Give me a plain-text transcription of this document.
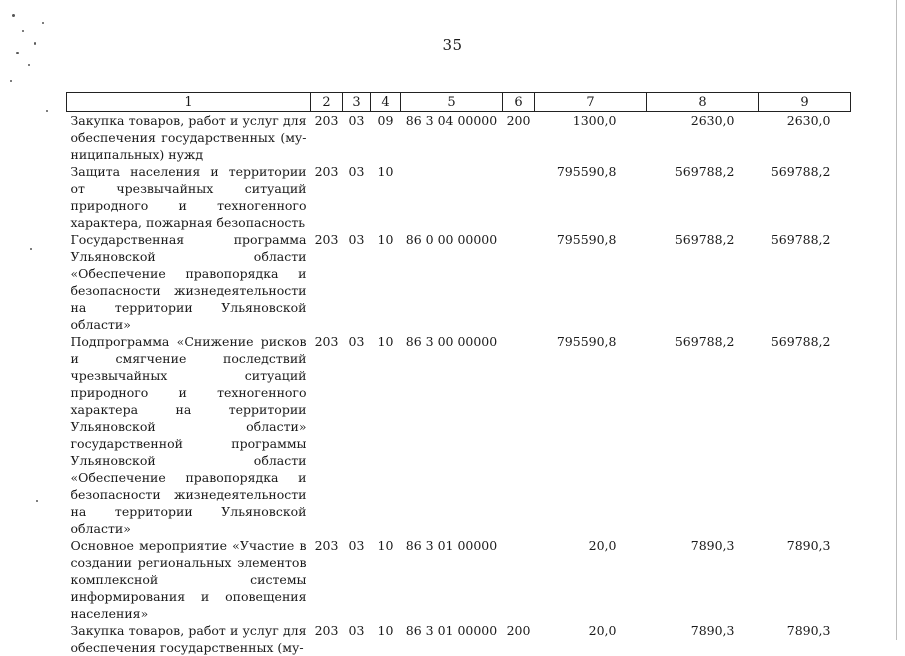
35
1	2	3	4	5	6	7	8	9
Закупка товаров, работ и услуг для обеспечения государственных (му-ниципальных) нужд	203	03	09	86 3 04 00000	200	1300,0	2630,0	2630,0
Защита населения и территории от чрезвычайных ситуаций природного и техногенного характера, пожарная безопасность	203	03	10			795590,8	569788,2	569788,2
Государственная программа Ульяновской области «Обеспечение правопорядка и безопасности жизнедеятельности на территории Ульяновской области»	203	03	10	86 0 00 00000		795590,8	569788,2	569788,2
Подпрограмма «Снижение рисков и смягчение последствий чрезвычайных ситуаций природного и техногенного характера на территории Ульяновской области» государственной программы Ульяновской области «Обеспечение правопорядка и безопасности жизнедеятельности на территории Ульяновской области»	203	03	10	86 3 00 00000		795590,8	569788,2	569788,2
Основное мероприятие «Участие в создании региональных элементов комплексной системы информирования и оповещения населения»	203	03	10	86 3 01 00000		20,0	7890,3	7890,3
Закупка товаров, работ и услуг для обеспечения государственных (му-	203	03	10	86 3 01 00000	200	20,0	7890,3	7890,3
